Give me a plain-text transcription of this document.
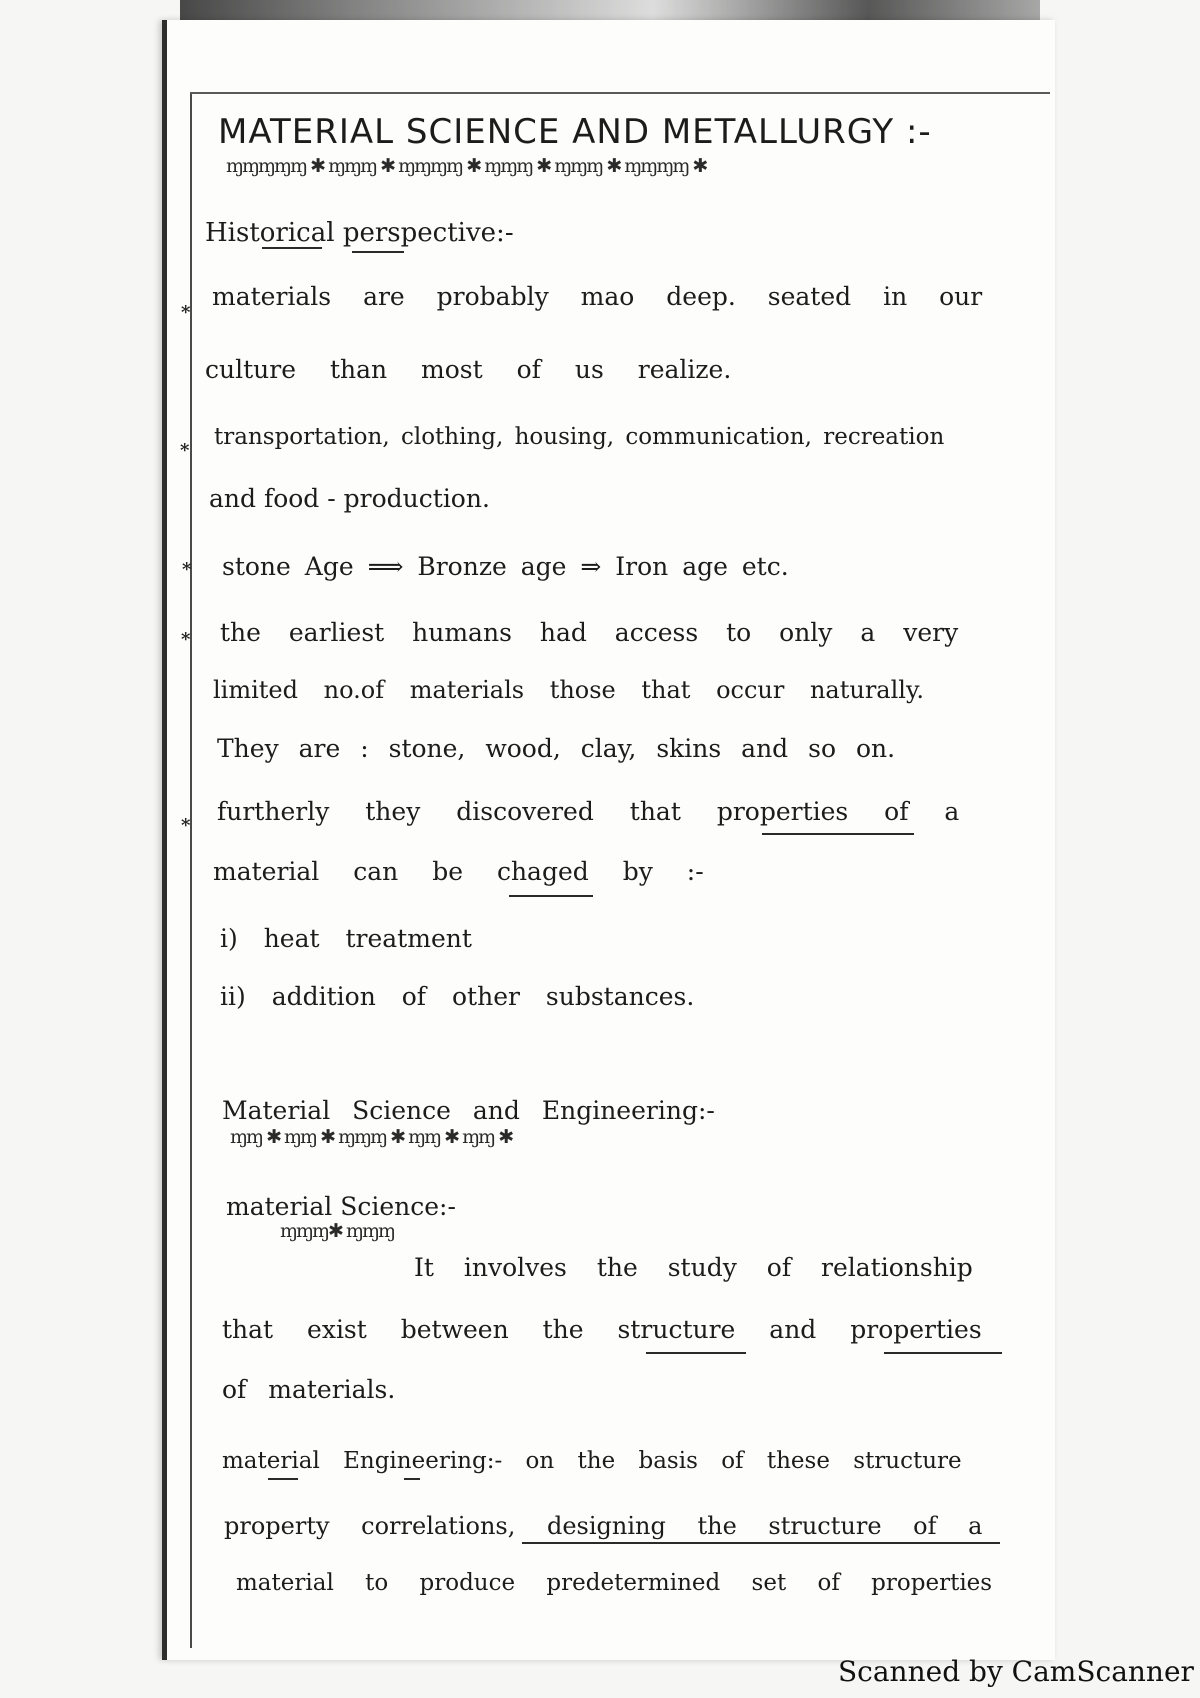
MATERIAL SCIENCE AND METALLURGY :-
ɱɱɱɱɱ ✱ ɱɱɱ ✱ ɱɱɱɱ ✱ ɱɱɱ ✱ ɱɱɱ ✱ ɱɱɱɱ ✱
Historical perspective:-
*
materials are probably mao deep. seated in our
culture than most of us realize.
*
transportation, clothing, housing, communication, recreation
and food - production.
* stone Age ⟹ Bronze age ⇒ Iron age etc.
* the earliest humans had access to only a very
limited no.of materials those that occur naturally.
They are : stone, wood, clay, skins and so on.
* furtherly they discovered that properties of a
material can be chaged by :-
i) heat treatment
ii) addition of other substances.
Material Science and Engineering:-
ɱɱ ✱ ɱɱ ✱ ɱɱɱ ✱ ɱɱ ✱ ɱɱ ✱
material Science:-
ɱɱɱ✱ ɱɱɱ
It involves the study of relationship
that exist between the structure and properties
of materials.
material Engineering:- on the basis of these structure
property correlations, designing the structure of a
material to produce predetermined set of properties
Scanned by CamScanner
